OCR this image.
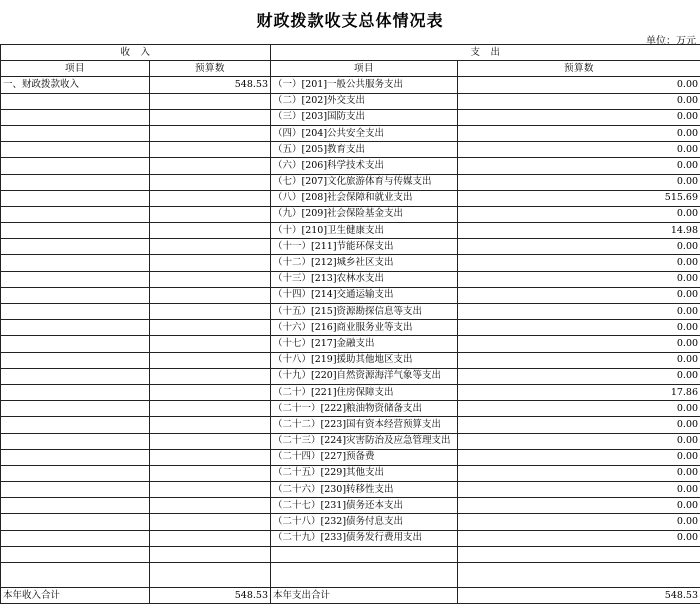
财政拨款收支总体情况表
单位：万元
收　入		支　出	
项目	预算数	项目	预算数
一、财政拨款收入	548.53	（一）[201]一般公共服务支出	0.00
		（二）[202]外交支出	0.00
		（三）[203]国防支出	0.00
		（四）[204]公共安全支出	0.00
		（五）[205]教育支出	0.00
		（六）[206]科学技术支出	0.00
		（七）[207]文化旅游体育与传媒支出	0.00
		（八）[208]社会保障和就业支出	515.69
		（九）[209]社会保险基金支出	0.00
		（十）[210]卫生健康支出	14.98
		（十一）[211]节能环保支出	0.00
		（十二）[212]城乡社区支出	0.00
		（十三）[213]农林水支出	0.00
		（十四）[214]交通运输支出	0.00
		（十五）[215]资源勘探信息等支出	0.00
		（十六）[216]商业服务业等支出	0.00
		（十七）[217]金融支出	0.00
		（十八）[219]援助其他地区支出	0.00
		（十九）[220]自然资源海洋气象等支出	0.00
		（二十）[221]住房保障支出	17.86
		（二十一）[222]粮油物资储备支出	0.00
		（二十二）[223]国有资本经营预算支出	0.00
		（二十三）[224]灾害防治及应急管理支出	0.00
		（二十四）[227]预备费	0.00
		（二十五）[229]其他支出	0.00
		（二十六）[230]转移性支出	0.00
		（二十七）[231]债务还本支出	0.00
		（二十八）[232]债务付息支出	0.00
		（二十九）[233]债务发行费用支出	0.00

本年收入合计	548.53	本年支出合计	548.53
